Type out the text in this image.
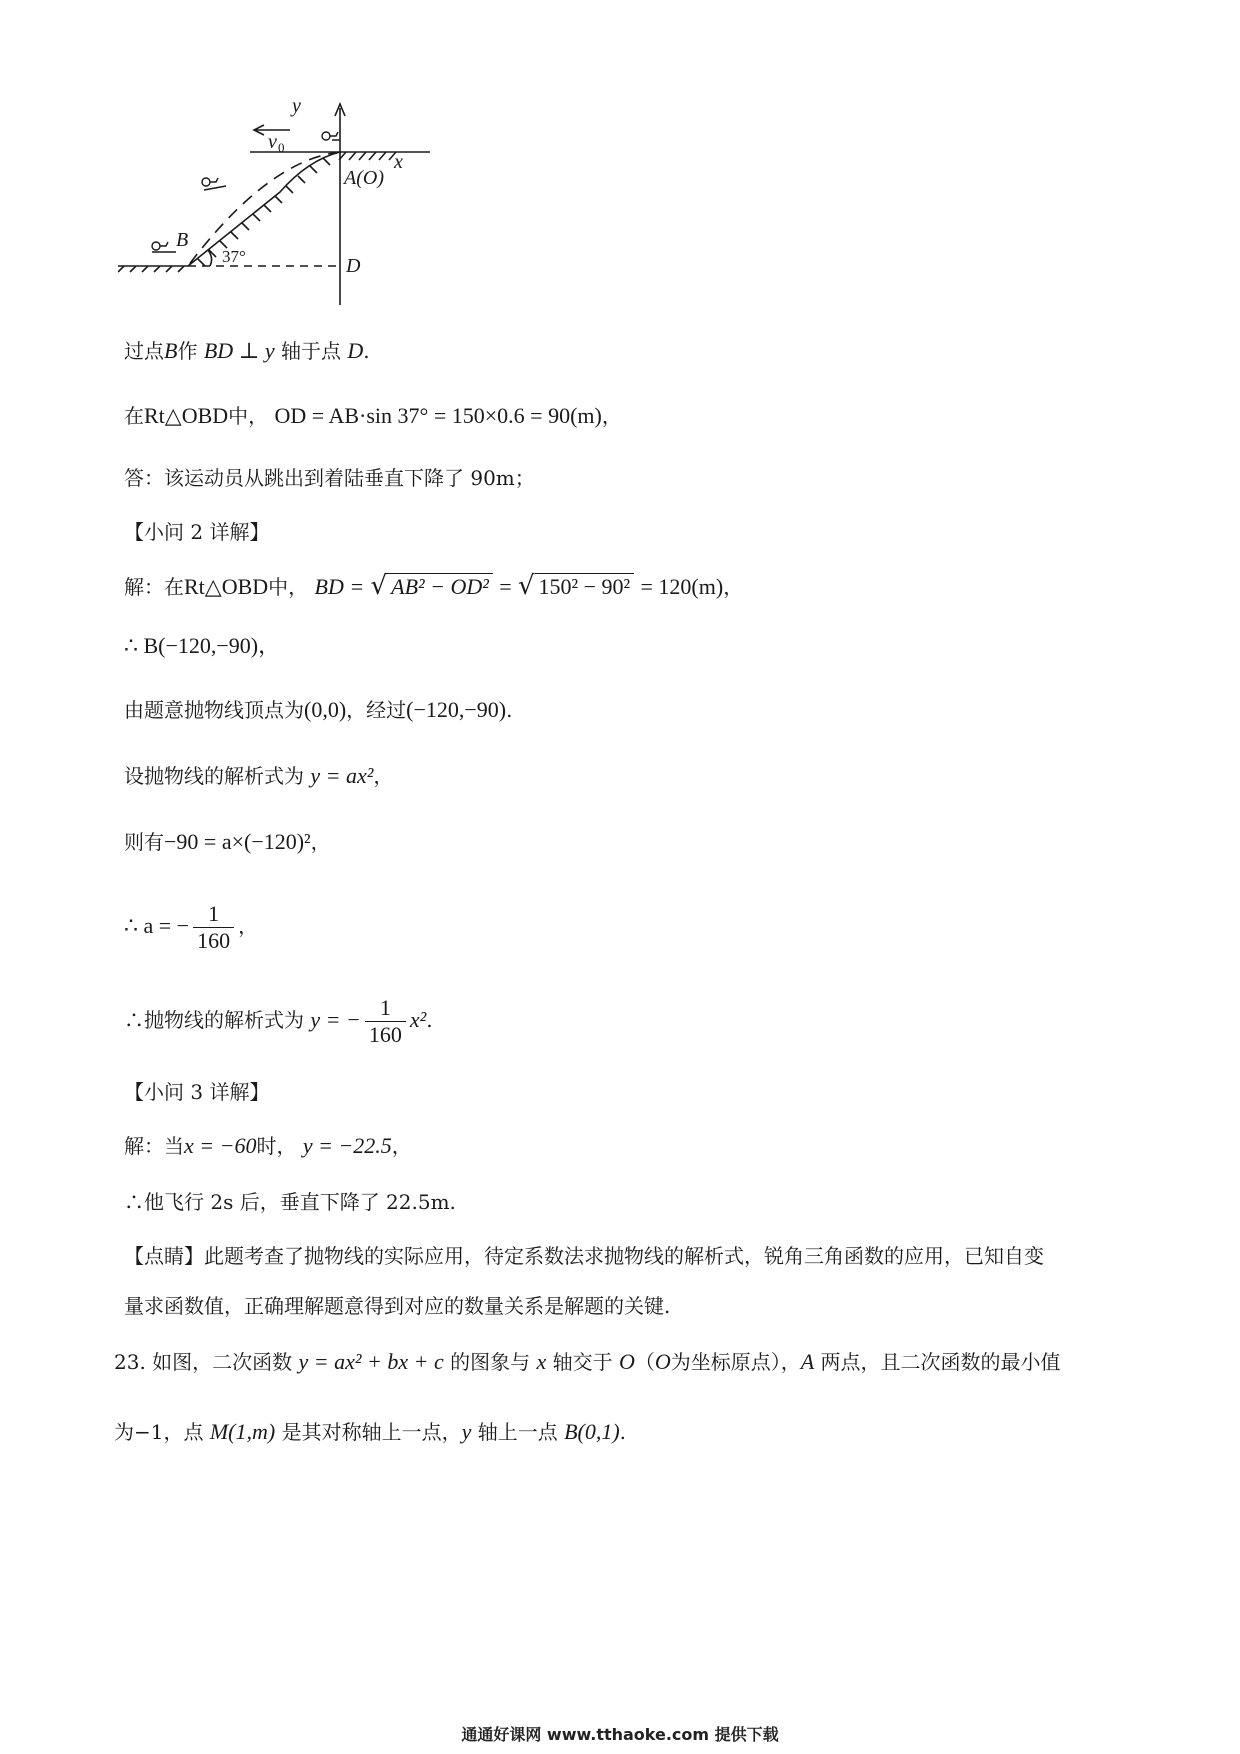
y
x
v 0
A(O)
B
D
37°
过点B作 BD ⊥ y 轴于点 D.
在Rt△OBD中， OD = AB·sin 37° = 150×0.6 = 90(m)，
答：该运动员从跳出到着陆垂直下降了 90m；
【小问 2 详解】
解：在Rt△OBD中， BD = √ AB² − OD² = √ 150² − 90² = 120(m)，
∴ B(−120,−90)，
由题意抛物线顶点为(0,0)，经过(−120,−90).
设抛物线的解析式为 y = ax²，
则有−90 = a×(−120)²，
∴ a = − $\frac{1}{160}$ ，
∴抛物线的解析式为 y = − $\frac{1}{160} x^2$.
【小问 3 详解】
解：当x = −60时， y = −22.5，
∴他飞行 2s 后，垂直下降了 22.5m.
【点睛】此题考查了抛物线的实际应用，待定系数法求抛物线的解析式，锐角三角函数的应用，已知自变
量求函数值，正确理解题意得到对应的数量关系是解题的关键.
23. 如图，二次函数 y = ax² + bx + c 的图象与 x 轴交于 O（O为坐标原点），A 两点，且二次函数的最小值
为−1，点 M(1,m) 是其对称轴上一点，y 轴上一点 B(0,1).
通通好课网 www.tthaoke.com 提供下载
